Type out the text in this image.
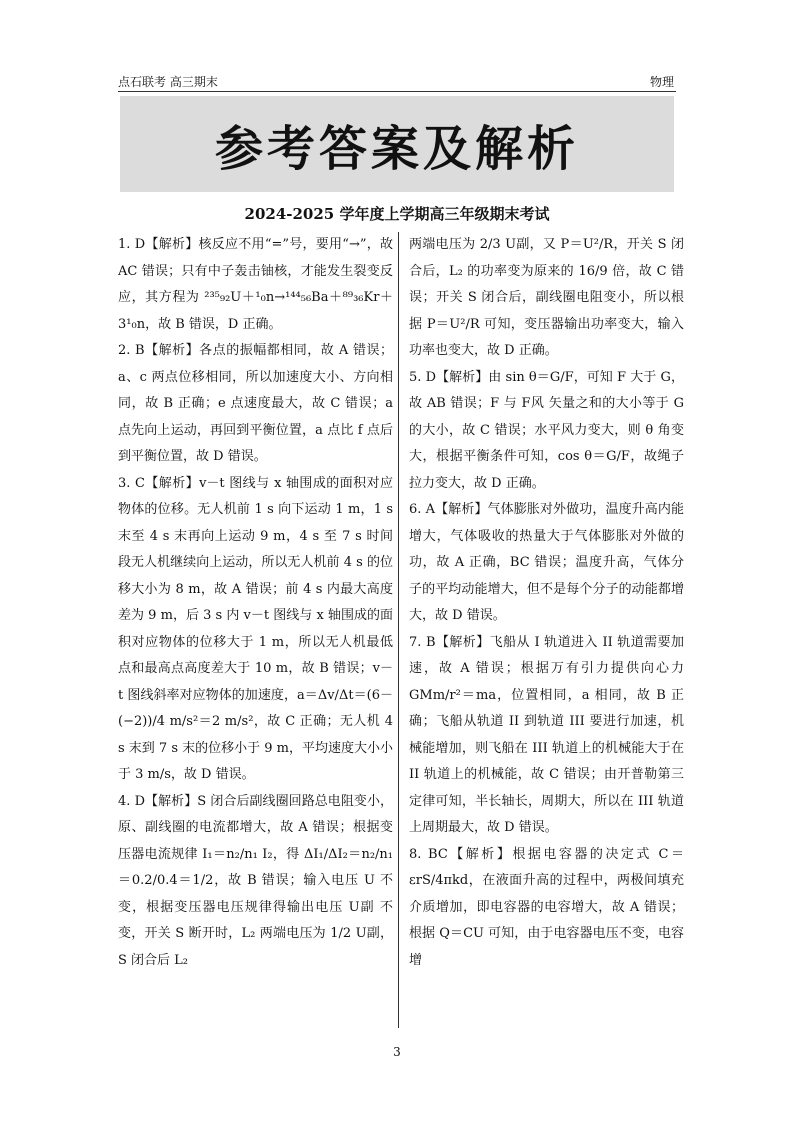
点石联考 高三期末	物理
参考答案及解析
2024-2025 学年度上学期高三年级期末考试

1. D【解析】核反应不用“=”号，要用“→”，故 AC 错误；只有中子轰击铀核，才能发生裂变反应，其方程为 ²³⁵₉₂U＋¹₀n→¹⁴⁴₅₆Ba＋⁸⁹₃₆Kr＋3¹₀n，故 B 错误，D 正确。

2. B【解析】各点的振幅都相同，故 A 错误；a、c 两点位移相同，所以加速度大小、方向相同，故 B 正确；e 点速度最大，故 C 错误；a 点先向上运动，再回到平衡位置，a 点比 f 点后到平衡位置，故 D 错误。

3. C【解析】v－t 图线与 x 轴围成的面积对应物体的位移。无人机前 1 s 向下运动 1 m，1 s 末至 4 s 末再向上运动 9 m，4 s 至 7 s 时间段无人机继续向上运动，所以无人机前 4 s 的位移大小为 8 m，故 A 错误；前 4 s 内最大高度差为 9 m，后 3 s 内 v－t 图线与 x 轴围成的面积对应物体的位移大于 1 m，所以无人机最低点和最高点高度差大于 10 m，故 B 错误；v－t 图线斜率对应物体的加速度，a＝Δv/Δt＝(6－(−2))/4 m/s²＝2 m/s²，故 C 正确；无人机 4 s 末到 7 s 末的位移小于 9 m，平均速度大小小于 3 m/s，故 D 错误。

4. D【解析】S 闭合后副线圈回路总电阻变小，原、副线圈的电流都增大，故 A 错误；根据变压器电流规律 I₁＝n₂/n₁ I₂，得 ΔI₁/ΔI₂＝n₂/n₁＝0.2/0.4＝1/2，故 B 错误；输入电压 U 不变，根据变压器电压规律得输出电压 U副 不变，开关 S 断开时，L₂ 两端电压为 1/2 U副，S 闭合后 L₂

两端电压为 2/3 U副，又 P＝U²/R，开关 S 闭合后，L₂ 的功率变为原来的 16/9 倍，故 C 错误；开关 S 闭合后，副线圈电阻变小，所以根据 P＝U²/R 可知，变压器输出功率变大，输入功率也变大，故 D 正确。

5. D【解析】由 sin θ＝G/F，可知 F 大于 G，故 AB 错误；F 与 F风 矢量之和的大小等于 G 的大小，故 C 错误；水平风力变大，则 θ 角变大，根据平衡条件可知，cos θ＝G/F，故绳子拉力变大，故 D 正确。

6. A【解析】气体膨胀对外做功，温度升高内能增大，气体吸收的热量大于气体膨胀对外做的功，故 A 正确，BC 错误；温度升高，气体分子的平均动能增大，但不是每个分子的动能都增大，故 D 错误。

7. B【解析】飞船从 I 轨道进入 II 轨道需要加速，故 A 错误；根据万有引力提供向心力 GMm/r²＝ma，位置相同，a 相同，故 B 正确；飞船从轨道 II 到轨道 III 要进行加速，机械能增加，则飞船在 III 轨道上的机械能大于在 II 轨道上的机械能，故 C 错误；由开普勒第三定律可知，半长轴长，周期大，所以在 III 轨道上周期最大，故 D 错误。

8. BC【解析】根据电容器的决定式 C＝εrS/4πkd，在液面升高的过程中，两极间填充介质增加，即电容器的电容增大，故 A 错误；根据 Q＝CU 可知，由于电容器电压不变，电容增

3
